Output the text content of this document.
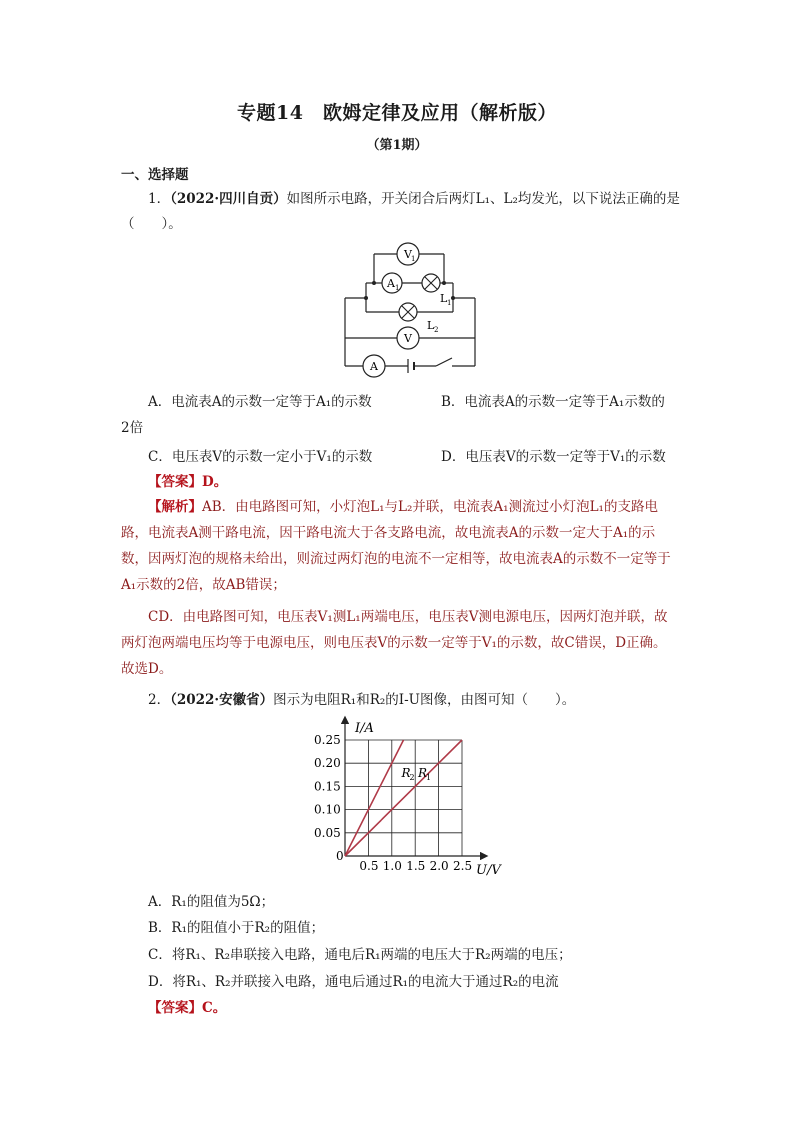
专题14　欧姆定律及应用（解析版）
（第1期）
一、选择题
1．（2022·四川自贡）如图所示电路，开关闭合后两灯L₁、L₂均发光，以下说法正确的是（　　）。
V 1
A 1
L 1
L 2
V
A
A．电流表A的示数一定等于A₁的示数	B．电流表A的示数一定等于A₁示数的
2倍
C．电压表V的示数一定小于V₁的示数	D．电压表V的示数一定等于V₁的示数
【答案】D。
【解析】AB．由电路图可知，小灯泡L₁与L₂并联，电流表A₁测流过小灯泡L₁的支路电路，电流表A测干路电流，因干路电流大于各支路电流，故电流表A的示数一定大于A₁的示数，因两灯泡的规格未给出，则流过两灯泡的电流不一定相等，故电流表A的示数不一定等于A₁示数的2倍，故AB错误；
CD．由电路图可知，电压表V₁测L₁两端电压，电压表V测电源电压，因两灯泡并联，故两灯泡两端电压均等于电源电压，则电压表V的示数一定等于V₁的示数，故C错误，D正确。故选D。
2．（2022·安徽省）图示为电阻R₁和R₂的I-U图像，由图可知（　　）。
0.5 1.0 1.5 2.0 2.5
0.25
0.20
0.15
0.10
0.05
R
2 R
1
I/A
U/V
0
A．R₁的阻值为5Ω；
B．R₁的阻值小于R₂的阻值；
C．将R₁、R₂串联接入电路，通电后R₁两端的电压大于R₂两端的电压；
D．将R₁、R₂并联接入电路，通电后通过R₁的电流大于通过R₂的电流
【答案】C。
